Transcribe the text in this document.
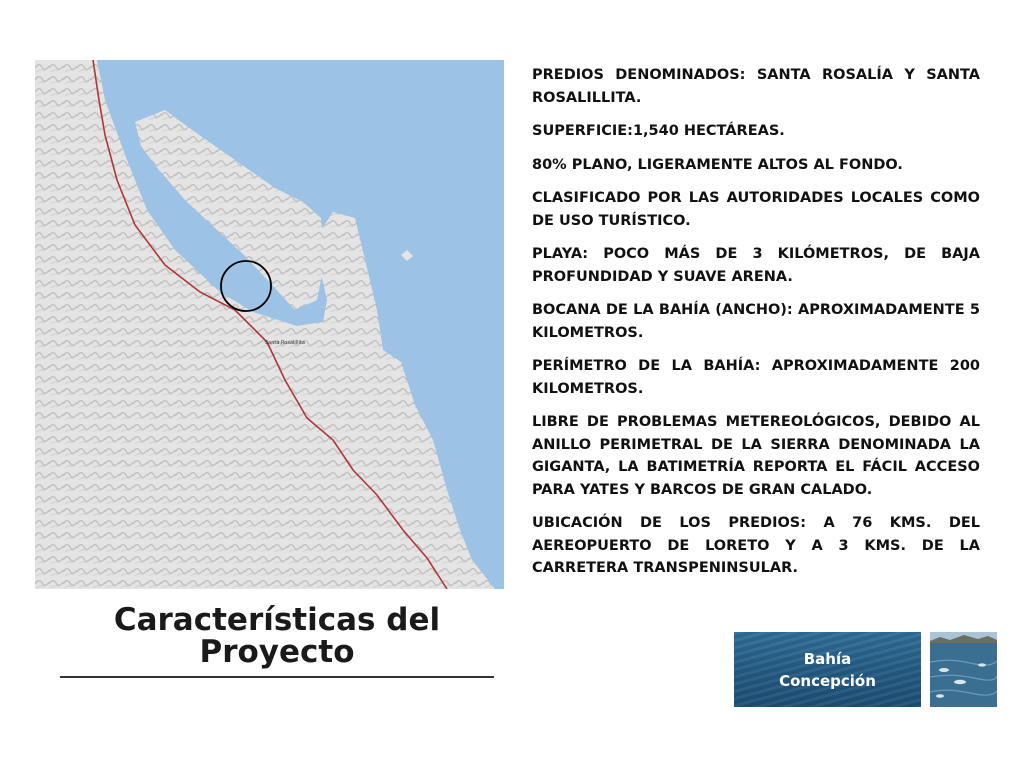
Santa Rosalillita
PREDIOS DENOMINADOS: SANTA ROSALÍA Y SANTA ROSALILLITA.
SUPERFICIE:1,540 HECTÁREAS.
80% PLANO, LIGERAMENTE ALTOS AL FONDO.
CLASIFICADO POR LAS AUTORIDADES LOCALES COMO DE USO TURÍSTICO.
PLAYA: POCO MÁS DE 3 KILÓMETROS, DE BAJA PROFUNDIDAD Y SUAVE ARENA.
BOCANA DE LA BAHÍA (ANCHO): APROXIMADAMENTE 5 KILOMETROS.
PERÍMETRO DE LA BAHÍA: APROXIMADAMENTE 200 KILOMETROS.
LIBRE DE PROBLEMAS METEREOLÓGICOS, DEBIDO AL ANILLO PERIMETRAL DE LA SIERRA DENOMINADA LA GIGANTA, LA BATIMETRÍA REPORTA EL FÁCIL ACCESO PARA YATES Y BARCOS DE GRAN CALADO.
UBICACIÓN DE LOS PREDIOS: A 76 KMS. DEL AEREOPUERTO DE LORETO Y A 3 KMS. DE LA CARRETERA TRANSPENINSULAR.
Características del
Proyecto	Bahía
Concepción
